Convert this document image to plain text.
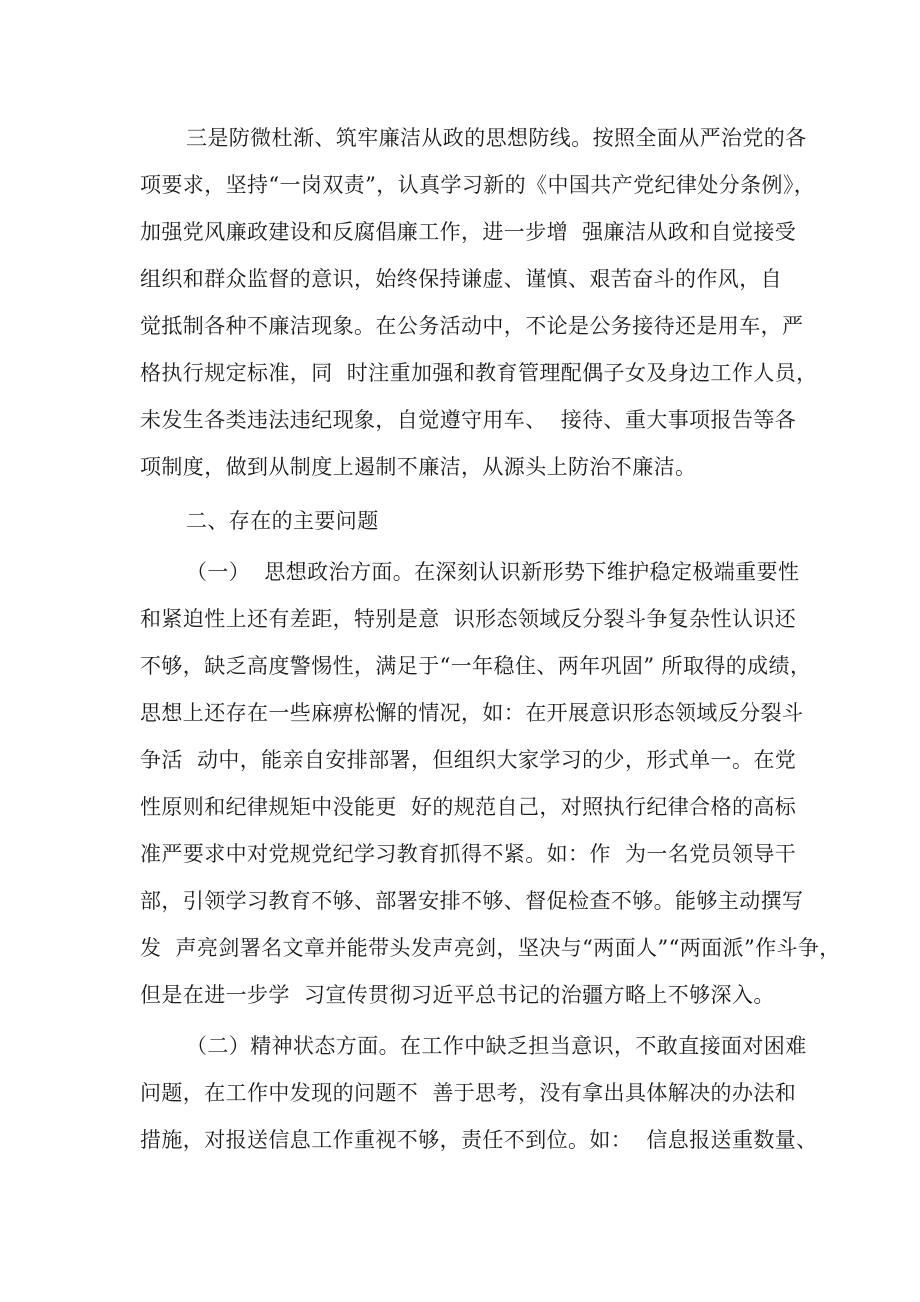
三是防微杜渐、筑牢廉洁从政的思想防线。按照全面从严治党的各
项要求，坚持“一岗双责”，认真学习新的《中国共产党纪律处分条例》，
加强党风廉政建设和反腐倡廉工作，进一步增  强廉洁从政和自觉接受
组织和群众监督的意识，始终保持谦虚、谨慎、艰苦奋斗的作风，自
觉抵制各种不廉洁现象。在公务活动中，不论是公务接待还是用车，严
格执行规定标准，同  时注重加强和教育管理配偶子女及身边工作人员，
未发生各类违法违纪现象，自觉遵守用车、  接待、重大事项报告等各
项制度，做到从制度上遏制不廉洁，从源头上防治不廉洁。
二、存在的主要问题
（一）  思想政治方面。在深刻认识新形势下维护稳定极端重要性
和紧迫性上还有差距，特别是意  识形态领域反分裂斗争复杂性认识还
不够，缺乏高度警惕性，满足于“一年稳住、两年巩固” 所取得的成绩，
思想上还存在一些麻痹松懈的情况，如：在开展意识形态领域反分裂斗
争活  动中，能亲自安排部署，但组织大家学习的少，形式单一。在党
性原则和纪律规矩中没能更  好的规范自己，对照执行纪律合格的高标
准严要求中对党规党纪学习教育抓得不紧。如：作  为一名党员领导干
部，引领学习教育不够、部署安排不够、督促检查不够。能够主动撰写
发  声亮剑署名文章并能带头发声亮剑，坚决与“两面人”“两面派”作斗争，
但是在进一步学  习宣传贯彻习近平总书记的治疆方略上不够深入。
（二）精神状态方面。在工作中缺乏担当意识，不敢直接面对困难
问题，在工作中发现的问题不  善于思考，没有拿出具体解决的办法和
措施，对报送信息工作重视不够，责任不到位。如：  信息报送重数量、
